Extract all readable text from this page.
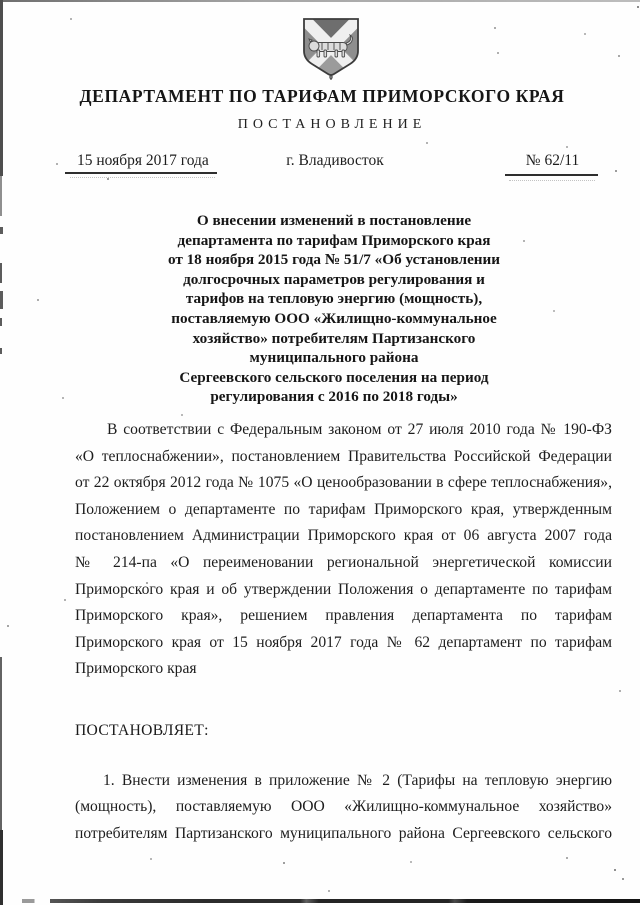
ДЕПАРТАМЕНТ ПО ТАРИФАМ ПРИМОРСКОГО КРАЯ
ПОСТАНОВЛЕНИЕ
15 ноября 2017 года	г. Владивосток	№ 62/11
О внесении изменений в постановление
департамента по тарифам Приморского края
от 18 ноября 2015 года № 51/7 «Об установлении
долгосрочных параметров регулирования и
тарифов на тепловую энергию (мощность),
поставляемую ООО «Жилищно-коммунальное
хозяйство» потребителям Партизанского
муниципального района
Сергеевского сельского поселения на период
регулирования с 2016 по 2018 годы»
В соответствии с Федеральным законом от 27 июля 2010 года № 190-ФЗ
«О теплоснабжении», постановлением Правительства Российской Федерации
от 22 октября 2012 года № 1075 «О ценообразовании в сфере теплоснабжения»,
Положением о департаменте по тарифам Приморского края, утвержденным
постановлением Администрации Приморского края от 06 августа 2007 года
№ 214-па «О переименовании региональной энергетической комиссии
Приморского края и об утверждении Положения о департаменте по тарифам
Приморского края», решением правления департамента по тарифам
Приморского края от 15 ноября 2017 года № 62 департамент по тарифам
Приморского края
ПОСТАНОВЛЯЕТ:
1. Внести изменения в приложение № 2 (Тарифы на тепловую энергию
(мощность), поставляемую ООО «Жилищно-коммунальное хозяйство»
потребителям Партизанского муниципального района Сергеевского сельского
